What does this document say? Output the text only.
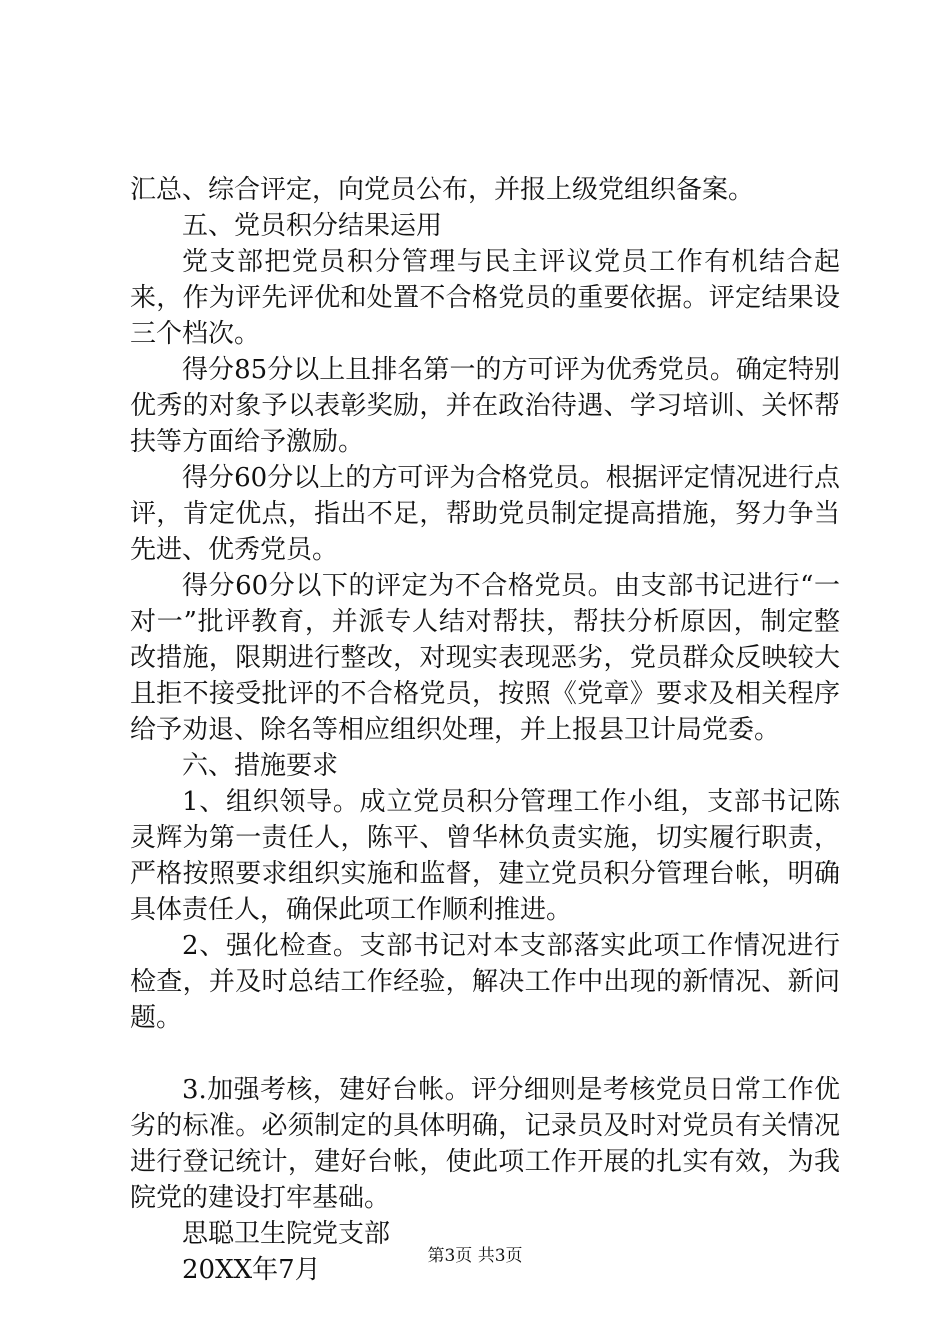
汇总、综合评定，向党员公布，并报上级党组织备案。

五、党员积分结果运用

党支部把党员积分管理与民主评议党员工作有机结合起来，作为评先评优和处置不合格党员的重要依据。评定结果设三个档次。

得分85分以上且排名第一的方可评为优秀党员。确定特别优秀的对象予以表彰奖励，并在政治待遇、学习培训、关怀帮扶等方面给予激励。

得分60分以上的方可评为合格党员。根据评定情况进行点评，肯定优点，指出不足，帮助党员制定提高措施，努力争当先进、优秀党员。

得分60分以下的评定为不合格党员。由支部书记进行“一对一”批评教育，并派专人结对帮扶，帮扶分析原因，制定整改措施，限期进行整改，对现实表现恶劣，党员群众反映较大且拒不接受批评的不合格党员，按照《党章》要求及相关程序给予劝退、除名等相应组织处理，并上报县卫计局党委。

六、措施要求

1、组织领导。成立党员积分管理工作小组，支部书记陈灵辉为第一责任人，陈平、曾华林负责实施，切实履行职责，严格按照要求组织实施和监督，建立党员积分管理台帐，明确具体责任人，确保此项工作顺利推进。

2、强化检查。支部书记对本支部落实此项工作情况进行检查，并及时总结工作经验，解决工作中出现的新情况、新问题。

3.加强考核，建好台帐。评分细则是考核党员日常工作优劣的标准。必须制定的具体明确，记录员及时对党员有关情况进行登记统计，建好台帐，使此项工作开展的扎实有效，为我院党的建设打牢基础。

思聪卫生院党支部

20XX年7月	第3页 共3页
